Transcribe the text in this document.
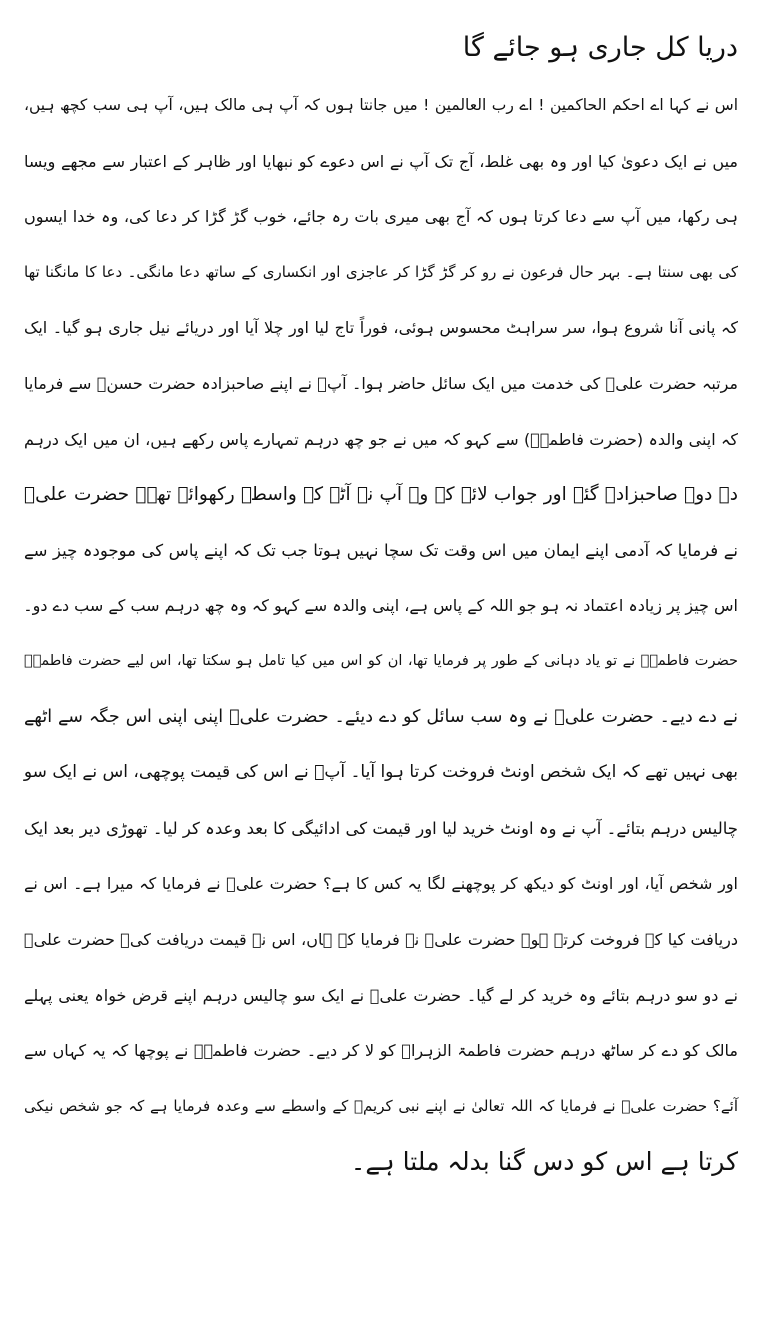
دریا کل جاری ہو جائے گا
اس نے کہا اے احکم الحاکمین ! اے رب العالمین ! میں جانتا ہوں کہ آپ ہی مالک ہیں، آپ ہی سب کچھ ہیں،
میں نے ایک دعویٰ کیا اور وہ بھی غلط، آج تک آپ نے اس دعوے کو نبھایا اور ظاہر کے اعتبار سے مجھے ویسا
ہی رکھا، میں آپ سے دعا کرتا ہوں کہ آج بھی میری بات رہ جائے، خوب گڑ گڑا کر دعا کی، وہ خدا ایسوں
کی بھی سنتا ہے۔ بہر حال فرعون نے رو کر گڑ گڑا کر عاجزی اور انکساری کے ساتھ دعا مانگی۔ دعا کا مانگنا تھا
کہ پانی آنا شروع ہوا، سر سراہٹ محسوس ہوئی، فوراً تاج لیا اور چلا آیا اور دریائے نیل جاری ہو گیا۔ ایک
مرتبہ حضرت علیؓ کی خدمت میں ایک سائل حاضر ہوا۔ آپؓ نے اپنے صاحبزادہ حضرت حسنؓ سے فرمایا
کہ اپنی والدہ (حضرت فاطمہؓ) سے کہو کہ میں نے جو چھ درہم تمہارے پاس رکھے ہیں، ان میں ایک درہم
دے دو۔ صاحبزادے گئے اور جواب لائے کہ وہ آپ نے آٹے کے واسطے رکھوائے تھے۔ حضرت علیؓ
نے فرمایا کہ آدمی اپنے ایمان میں اس وقت تک سچا نہیں ہوتا جب تک کہ اپنے پاس کی موجودہ چیز سے
اس چیز پر زیادہ اعتماد نہ ہو جو اللہ کے پاس ہے، اپنی والدہ سے کہو کہ وہ چھ درہم سب کے سب دے دو۔
حضرت فاطمہؓ نے تو یاد دہانی کے طور پر فرمایا تھا، ان کو اس میں کیا تامل ہو سکتا تھا، اس لیے حضرت فاطمہؓ
نے دے دیے۔ حضرت علیؓ نے وہ سب سائل کو دے دیئے۔ حضرت علیؓ اپنی اپنی اس جگہ سے اٹھے
بھی نہیں تھے کہ ایک شخص اونٹ فروخت کرتا ہوا آیا۔ آپؓ نے اس کی قیمت پوچھی، اس نے ایک سو
چالیس درہم بتائے۔ آپ نے وہ اونٹ خرید لیا اور قیمت کی ادائیگی کا بعد وعدہ کر لیا۔ تھوڑی دیر بعد ایک
اور شخص آیا، اور اونٹ کو دیکھ کر پوچھنے لگا یہ کس کا ہے؟ حضرت علیؓ نے فرمایا کہ میرا ہے۔ اس نے
دریافت کیا کہ فروخت کرتے ہو۔ حضرت علیؓ نے فرمایا کہ ہاں، اس نے قیمت دریافت کی۔ حضرت علیؓ
نے دو سو درہم بتائے وہ خرید کر لے گیا۔ حضرت علیؓ نے ایک سو چالیس درہم اپنے قرض خواہ یعنی پہلے
مالک کو دے کر ساٹھ درہم حضرت فاطمۃ الزہراؓ کو لا کر دیے۔ حضرت فاطمہؓ نے پوچھا کہ یہ کہاں سے
آئے؟ حضرت علیؓ نے فرمایا کہ اللہ تعالیٰ نے اپنے نبی کریمؐ کے واسطے سے وعدہ فرمایا ہے کہ جو شخص نیکی
کرتا ہے اس کو دس گنا بدلہ ملتا ہے۔
